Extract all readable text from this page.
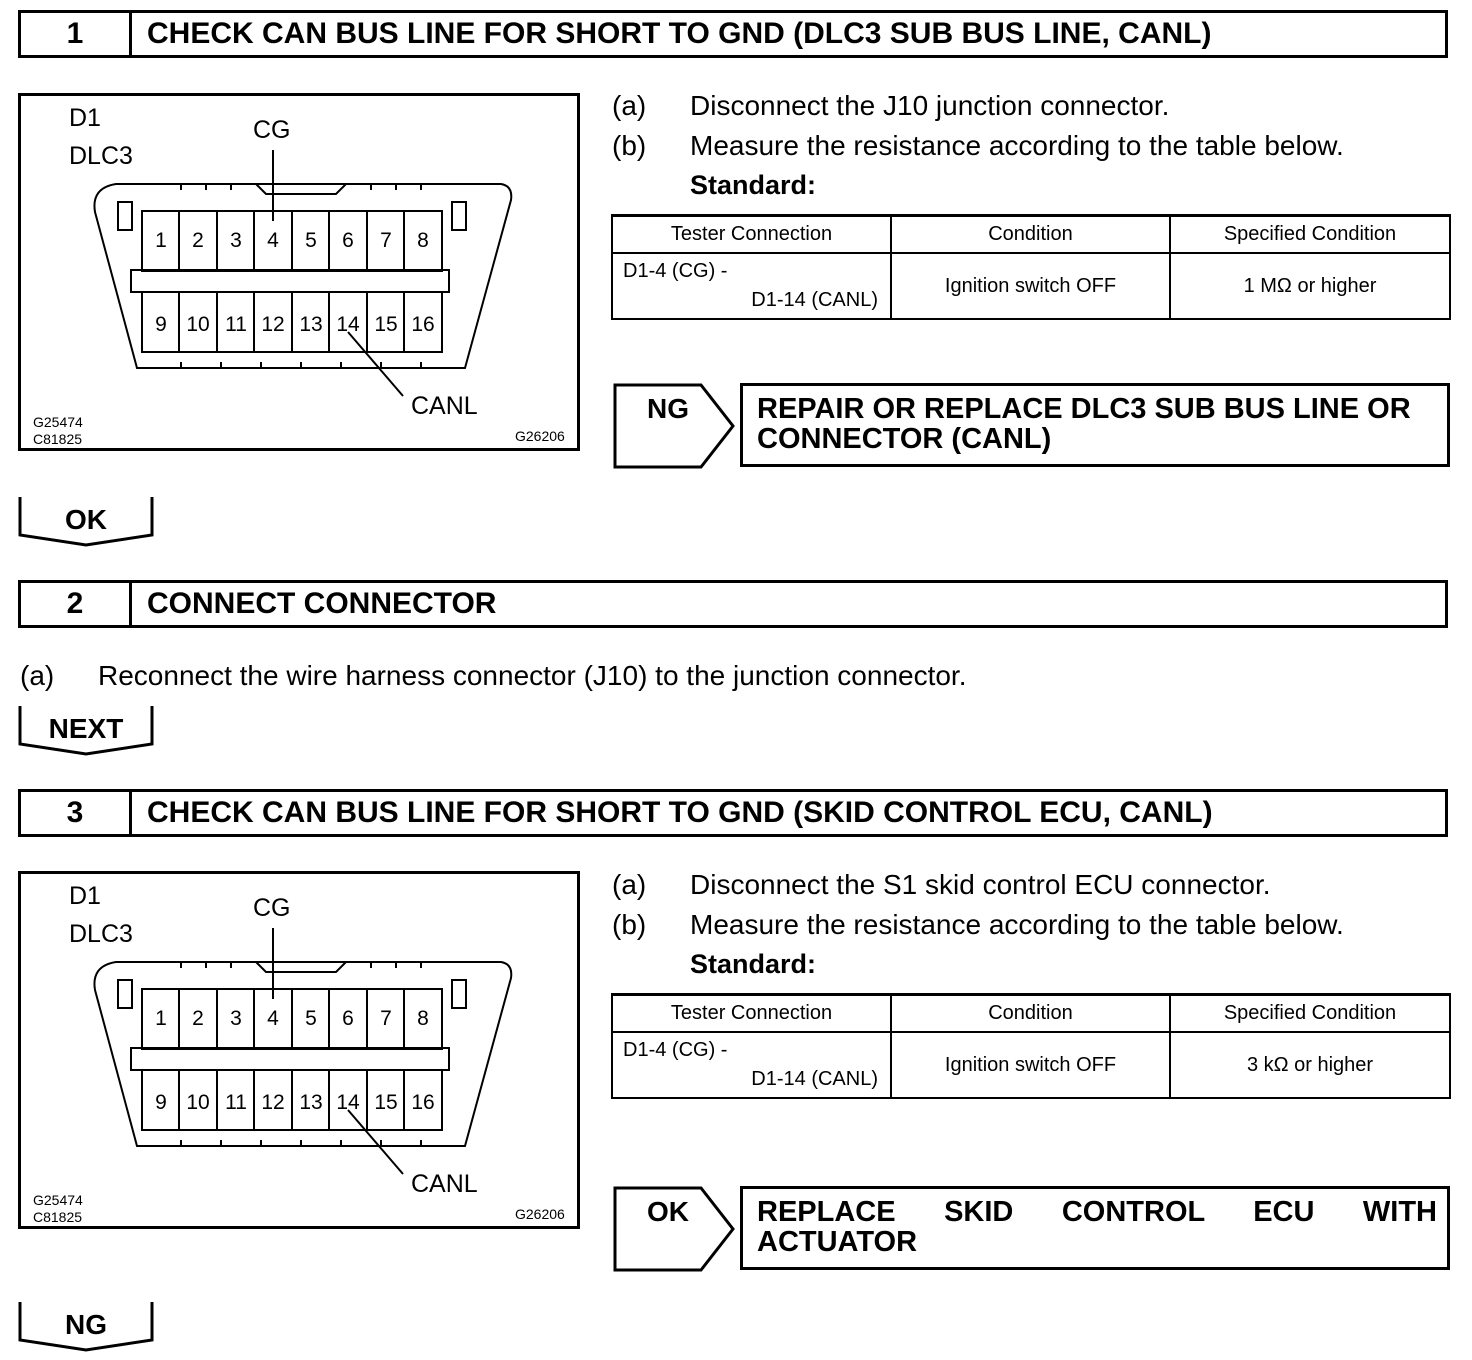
1	CHECK CAN BUS LINE FOR SHORT TO GND (DLC3 SUB BUS LINE, CANL)
1 2 3 4 5 6 7 8
9 10 11 12 13 14 15 16
D1
DLC3
CG
CANL
G25474
C81825	G26206
(a) Disconnect the J10 junction connector.
(b) Measure the resistance according to the table below.
Standard:
Tester Connection	Condition	Specified Condition

D1-4 (CG) -
D1-14 (CANL)	Ignition switch OFF	1 MΩ or higher
NG	REPAIR OR REPLACE DLC3 SUB BUS LINE OR CONNECTOR (CANL)
OK
2	CONNECT CONNECTOR
(a) Reconnect the wire harness connector (J10) to the junction connector.
NEXT
3	CHECK CAN BUS LINE FOR SHORT TO GND (SKID CONTROL ECU, CANL)
1 2 3 4 5 6 7 8
9 10 11 12 13 14 15 16
D1
DLC3
CG
CANL
G25474
C81825	G26206
(a) Disconnect the S1 skid control ECU connector.
(b) Measure the resistance according to the table below.
Standard:
Tester Connection	Condition	Specified Condition

D1-4 (CG) -
D1-14 (CANL)	Ignition switch OFF	3 kΩ or higher
OK	REPLACE SKID CONTROL ECU WITH ACTUATOR
NG
